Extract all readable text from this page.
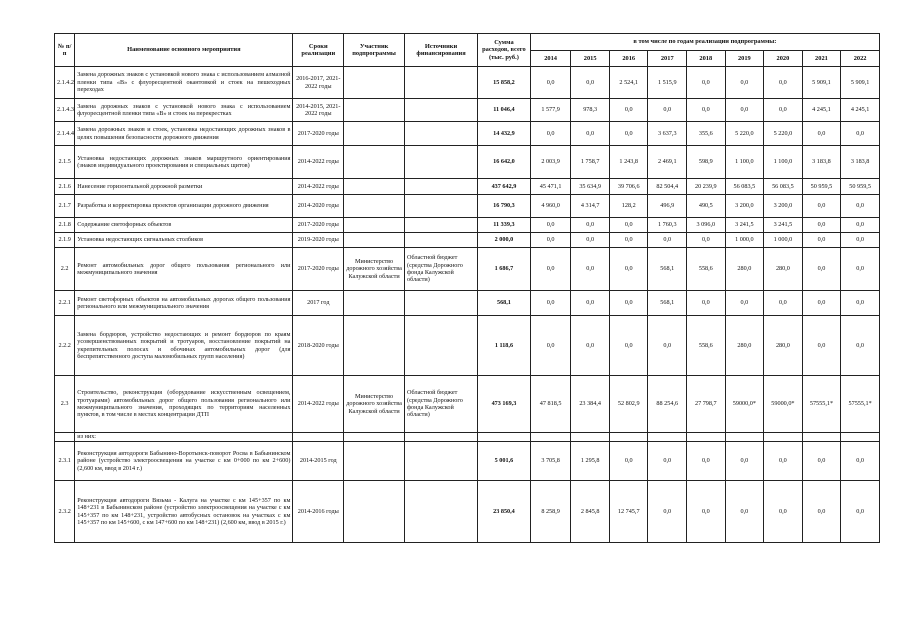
№ п/п	Наименование основного мероприятия	Сроки реализации	Участник подпрограммы	Источники финансирования	Сумма расходов, всего (тыс. руб.)	в том числе по годам реализации подпрограммы:								
						2014	2015	2016	2017	2018	2019	2020	2021	2022
2.1.4.2	Замена дорожных знаков с установкой нового знака с использованием алмазной пленки типа «В» с флуоресцентной окантовкой и стоек на пешеходных переходах	2016-2017, 2021-2022 годы			15 858,2	0,0	0,0	2 524,1	1 515,9	0,0	0,0	0,0	5 909,1	5 909,1
2.1.4.3	Замена дорожных знаков с установкой нового знака с использованием флуоресцентной пленки типа «В» и стоек на перекрестках	2014-2015, 2021-2022 годы			11 046,4	1 577,9	978,3	0,0	0,0	0,0	0,0	0,0	4 245,1	4 245,1
2.1.4.4	Замена дорожных знаков и стоек, установка недостающих дорожных знаков в целях повышения безопасности дорожного движения	2017-2020 годы			14 432,9	0,0	0,0	0,0	3 637,3	355,6	5 220,0	5 220,0	0,0	0,0
2.1.5	Установка недостающих дорожных знаков маршрутного ориентирования (знаков индивидуального проектирования и специальных щитов)	2014-2022 годы			16 642,0	2 003,9	1 758,7	1 243,8	2 469,1	598,9	1 100,0	1 100,0	3 183,8	3 183,8
2.1.6	Нанесение горизонтальной дорожной разметки	2014-2022 годы			437 642,9	45 471,1	35 634,9	39 706,6	82 504,4	20 239,9	56 083,5	56 083,5	50 959,5	50 959,5
2.1.7	Разработка и корректировка проектов организации дорожного движения	2014-2020 годы			16 790,3	4 960,0	4 314,7	128,2	496,9	490,5	3 200,0	3 200,0	0,0	0,0
2.1.8	Содержание светофорных объектов	2017-2020 годы			11 339,3	0,0	0,0	0,0	1 760,3	3 096,0	3 241,5	3 241,5	0,0	0,0
2.1.9	Установка недостающих сигнальных столбиков	2019-2020 годы			2 000,0	0,0	0,0	0,0	0,0	0,0	1 000,0	1 000,0	0,0	0,0
2.2	Ремонт автомобильных дорог общего пользования регионального или межмуниципального значения	2017-2020 годы	Министерство дорожного хозяйства Калужской области	Областной бюджет (средства Дорожного фонда Калужской области)	1 686,7	0,0	0,0	0,0	568,1	558,6	280,0	280,0	0,0	0,0
2.2.1	Ремонт светофорных объектов на автомобильных дорогах общего пользования регионального или межмуниципального значения	2017 год			568,1	0,0	0,0	0,0	568,1	0,0	0,0	0,0	0,0	0,0
2.2.2	Замена бордюров, устройство недостающих и ремонт бордюров по краям усовершенствованных покрытий и тротуаров, восстановление покрытий на укрепительных полосах и обочинах автомобильных дорог (для беспрепятственного доступа маломобильных групп населения)	2018-2020 годы			1 118,6	0,0	0,0	0,0	0,0	558,6	280,0	280,0	0,0	0,0
2.3	Строительство, реконструкция (оборудование искусственным освещением, тротуарами) автомобильных дорог общего пользования регионального или межмуниципального значения, проходящих по территориям населенных пунктов, в том числе в местах концентрации ДТП	2014-2022 годы	Министерство дорожного хозяйства Калужской области	Областной бюджет (средства Дорожного фонда Калужской области)	473 169,3	47 818,5	23 384,4	52 802,9	88 254,6	27 798,7	59000,0*	59000,0*	57555,1*	57555,1*
	из них:													
2.3.1	Реконструкция автодороги Бабынино-Воротынск-поворот Росва в Бабынинском районе (устройство электроосвещения на участке с км 0+000 по км 2+600) (2,600 км, ввод в 2014 г.)	2014-2015 год			5 001,6	3 705,8	1 295,8	0,0	0,0	0,0	0,0	0,0	0,0	0,0
2.3.2	Реконструкция автодороги Вязьма - Калуга на участке с км 145+357 по км 148+231 в Бабынинском районе (устройство электроосвещения на участке с км 145+357 по км 148+231, устройство автобусных остановок на участках с км 145+357 по км 145+600, с км 147+600 по км 148+231) (2,600 км, ввод в 2015 г.)	2014-2016 годы			23 850,4	8 258,9	2 845,8	12 745,7	0,0	0,0	0,0	0,0	0,0	0,0
